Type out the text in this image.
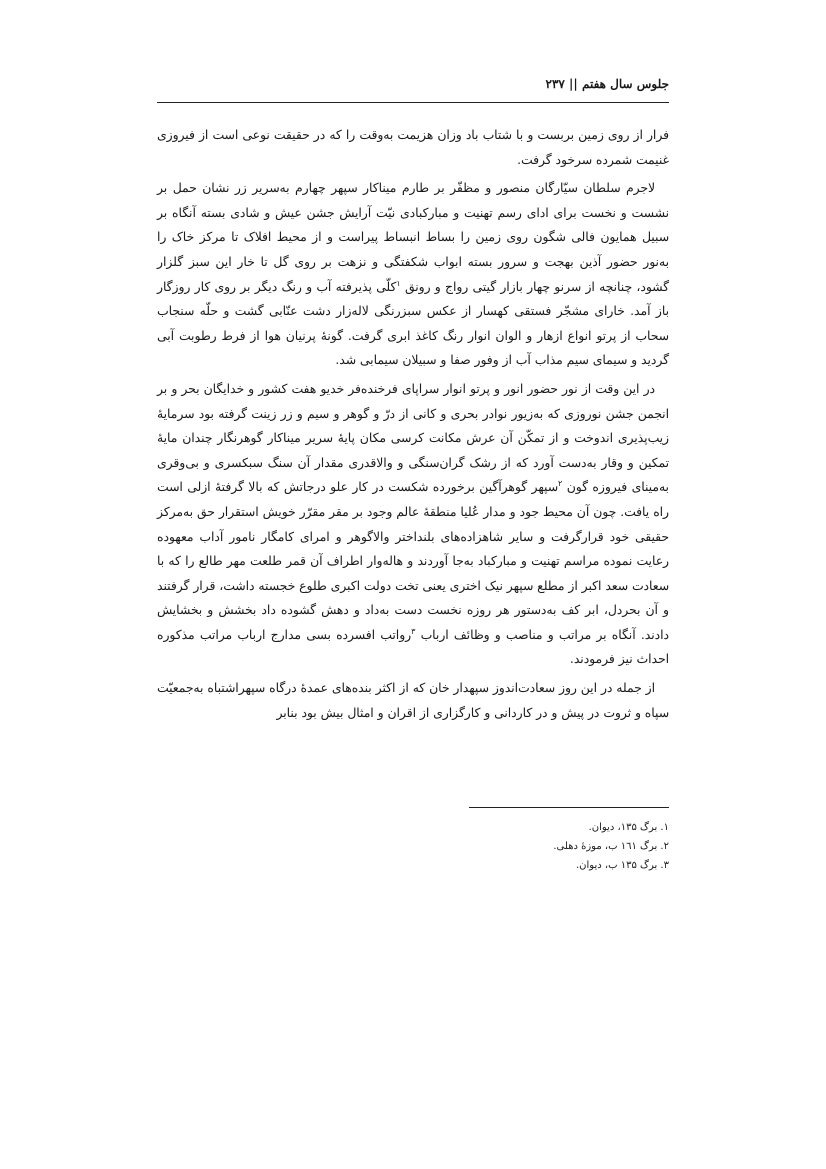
جلوس سال هفتم || ۲۳۷

فرار از روی زمین بربست و با شتاب باد وزان هزیمت به‌وقت را که در حقیقت نوعی است از فیروزی غنیمت شمرده سرخود گرفت.

لاجرم سلطان سیّارگان منصور و مظفّر بر طارم میناکار سپهر چهارم به‌سریر زر نشان حمل بر نشست و نخست برای ادای رسم تهنیت و مبارکبادی نیّت آرایش جشن عیش و شادی بسته آنگاه بر سبیل همایون فالی شگون روی زمین را بساط انبساط پیراست و از محیط افلاک تا مرکز خاک را به‌نور حضور آذین بهجت و سرور بسته ابواب شکفتگی و نزهت بر روی گل تا خار این سبز گلزار گشود، چنانچه از سرنو چهار بازار گیتی رواج و رونق $^۱$کلّی پذیرفته آب و رنگ دیگر بر روی کار روزگار باز آمد. خارای مشجّر فستقی کهسار از عکس سبزرنگی لاله‌زار دشت عنّابی گشت و حلّه سنجاب سحاب از پرتو انواع ازهار و الوان انوار رنگ کاغذ ابری گرفت. گونهٔ پرنیان هوا از فرط رطوبت آبی گردید و سیمای سیم مذاب آب از وفور صفا و سبیلان سیمابی شد.

در این وقت از نور حضور انور و پرتو انوار سراپای فرخنده‌فر خدیو هفت کشور و خدایگان بحر و بر انجمن جشن نوروزی که به‌زیور نوادر بحری و کانی از درّ و گوهر و سیم و زر زینت گرفته بود سرمایهٔ زیب‌پذیری اندوخت و از تمکّن آن عرش مکانت کرسی مکان پایهٔ سریر میناکار گوهرنگار چندان مایهٔ تمکین و وقار به‌دست آورد که از رشک گران‌سنگی و والاقدری مقدار آن سنگ سبکسری و بی‌وقری به‌مینای فیروزه گون $^۲$سپهر گوهرآگین برخورده شکست در کار علو درجاتش که بالا گرفتهٔ ازلی است راه یافت. چون آن محیط جود و مدار عُلیا منطقهٔ عالم وجود بر مقر مقرّر خویش استقرار حق به‌مرکز حقیقی خود قرارگرفت و سایر شاهزاده‌های بلنداختر والاگوهر و امرای کامگار نامور آداب معهوده رعایت نموده مراسم تهنیت و مبارکباد به‌جا آوردند و هاله‌وار اطراف آن قمر طلعت مهر طالع را که با سعادت سعد اکبر از مطلع سپهر نیک اختری یعنی تخت دولت اکبری طلوع خجسته داشت، قرار گرفتند و آن بحردل، ابر کف به‌دستور هر روزه نخست دست به‌داد و دهش گشوده داد بخشش و بخشایش دادند. آنگاه بر مراتب و مناصب و وظائف ارباب $^۳$رواتب افسرده بسی مدارج ارباب مراتب مذکوره احداث نیز فرمودند.

از جمله در این روز سعادت‌اندوز سپهدار خان که از اکثر بنده‌های عمدهٔ درگاه سپهراشتباه به‌جمعیّت سپاه و ثروت در پیش و در کاردانی و کارگزاری از اقران و امثال بیش بود بنابر

۱. برگ ۱۳۵، دیوان.
۲. برگ ۱٦١ ب، موزهٔ دهلی.
۳. برگ ۱۳۵ ب، دیوان.
